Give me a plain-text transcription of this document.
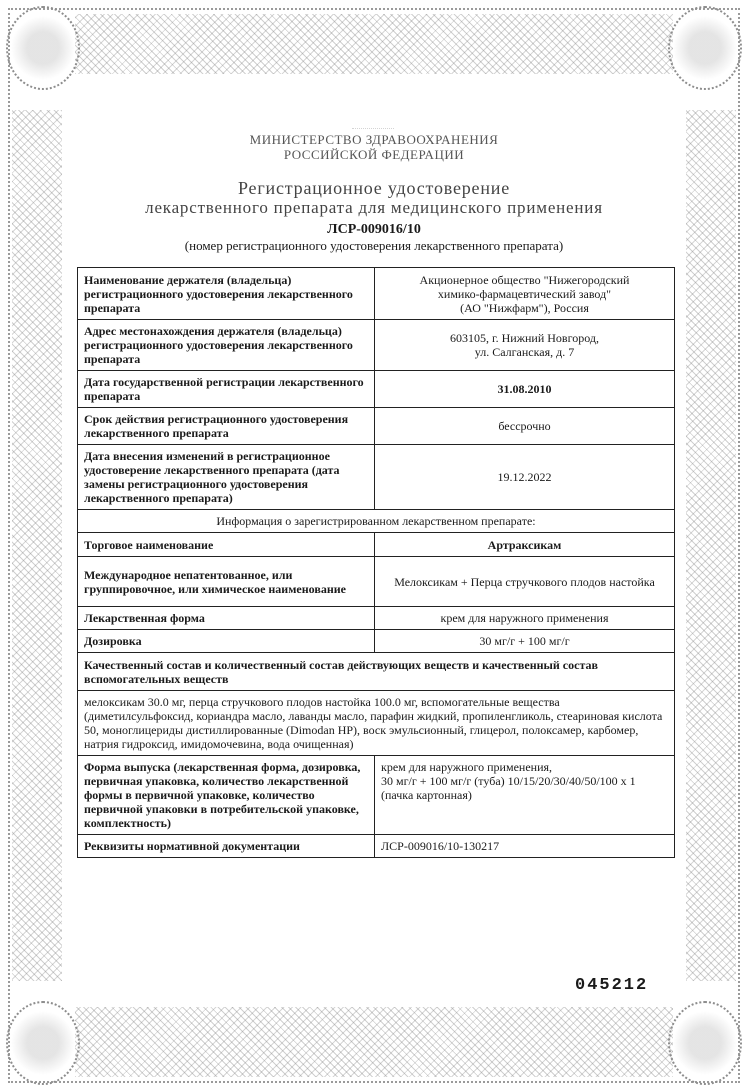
МИНИСТЕРСТВО ЗДРАВООХРАНЕНИЯ
РОССИЙСКОЙ ФЕДЕРАЦИИ
Регистрационное удостоверение
лекарственного препарата для медицинского применения
ЛСР-009016/10
(номер регистрационного удостоверения лекарственного препарата)
Наименование держателя (владельца) регистрационного удостоверения лекарственного препарата	Акционерное общество "Нижегородский
химико-фармацевтический завод"
(АО "Нижфарм"), Россия

Адрес местонахождения держателя (владельца) регистрационного удостоверения лекарственного препарата	603105, г. Нижний Новгород,
ул. Салганская, д. 7

Дата государственной регистрации лекарственного препарата	31.08.2010
Срок действия регистрационного удостоверения лекарственного препарата	бессрочно
Дата внесения изменений в регистрационное удостоверение лекарственного препарата (дата замены регистрационного удостоверения лекарственного препарата)	19.12.2022
Информация о зарегистрированном лекарственном препарате:	
Торговое наименование	Артраксикам
Международное непатентованное, или группировочное, или химическое наименование	Мелоксикам + Перца стручкового плодов настойка
Лекарственная форма	крем для наружного применения
Дозировка	30 мг/г + 100 мг/г
Качественный состав и количественный состав действующих веществ и качественный состав вспомогательных веществ	
мелоксикам 30.0 мг, перца стручкового плодов настойка 100.0 мг, вспомогательные вещества (диметилсульфоксид, кориандра масло, лаванды масло, парафин жидкий, пропиленгликоль, стеариновая кислота 50, моноглицериды дистиллированные (Dimodan HP), воск эмульсионный, глицерол, полоксамер, карбомер, натрия гидроксид, имидомочевина, вода очищенная)	
Форма выпуска (лекарственная форма, дозировка, первичная упаковка, количество лекарственной формы в первичной упаковке, количество первичной упаковки в потребительской упаковке, комплектность)	крем для наружного применения,
30 мг/г + 100 мг/г (туба) 10/15/20/30/40/50/100 x 1 (пачка картонная)

Реквизиты нормативной документации	ЛСР-009016/10-130217
045212
